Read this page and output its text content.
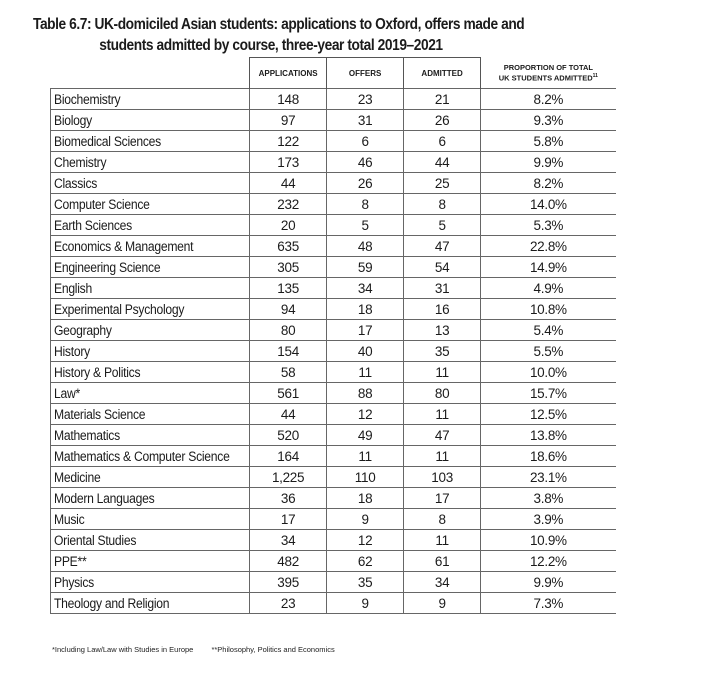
Table 6.7: UK-domiciled Asian students: applications to Oxford, offers made and
students admitted by course, three-year total 2019–2021
	APPLICATIONS	OFFERS	ADMITTED	PROPORTION OF TOTAL
UK STUDENTS ADMITTED$^{11}$
Biochemistry	148	23	21	8.2%
Biology	97	31	26	9.3%
Biomedical Sciences	122	6	6	5.8%
Chemistry	173	46	44	9.9%
Classics	44	26	25	8.2%
Computer Science	232	8	8	14.0%
Earth Sciences	20	5	5	5.3%
Economics & Management	635	48	47	22.8%
Engineering Science	305	59	54	14.9%
English	135	34	31	4.9%
Experimental Psychology	94	18	16	10.8%
Geography	80	17	13	5.4%
History	154	40	35	5.5%
History & Politics	58	11	11	10.0%
Law*	561	88	80	15.7%
Materials Science	44	12	11	12.5%
Mathematics	520	49	47	13.8%
Mathematics & Computer Science	164	11	11	18.6%
Medicine	1,225	110	103	23.1%
Modern Languages	36	18	17	3.8%
Music	17	9	8	3.9%
Oriental Studies	34	12	11	10.9%
PPE**	482	62	61	12.2%
Physics	395	35	34	9.9%
Theology and Religion	23	9	9	7.3%
*Including Law/Law with Studies in Europe **Philosophy, Politics and Economics
